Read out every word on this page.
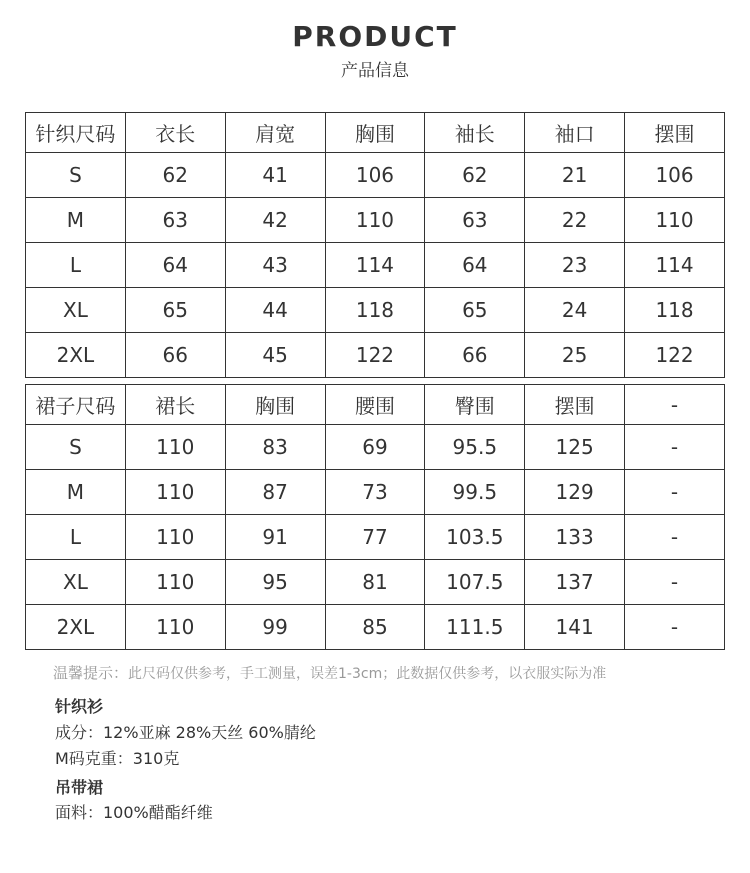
PRODUCT
产品信息
针织尺码	衣长	肩宽	胸围	袖长	袖口	摆围
S	62	41	106	62	21	106
M	63	42	110	63	22	110
L	64	43	114	64	23	114
XL	65	44	118	65	24	118
2XL	66	45	122	66	25	122
裙子尺码	裙长	胸围	腰围	臀围	摆围	-
S	110	83	69	95.5	125	-
M	110	87	73	99.5	129	-
L	110	91	77	103.5	133	-
XL	110	95	81	107.5	137	-
2XL	110	99	85	111.5	141	-
温馨提示：此尺码仅供参考，手工测量，误差1-3cm；此数据仅供参考，以衣服实际为准
针织衫
成分：12%亚麻 28%天丝 60%腈纶
M码克重：310克
吊带裙
面料：100%醋酯纤维
